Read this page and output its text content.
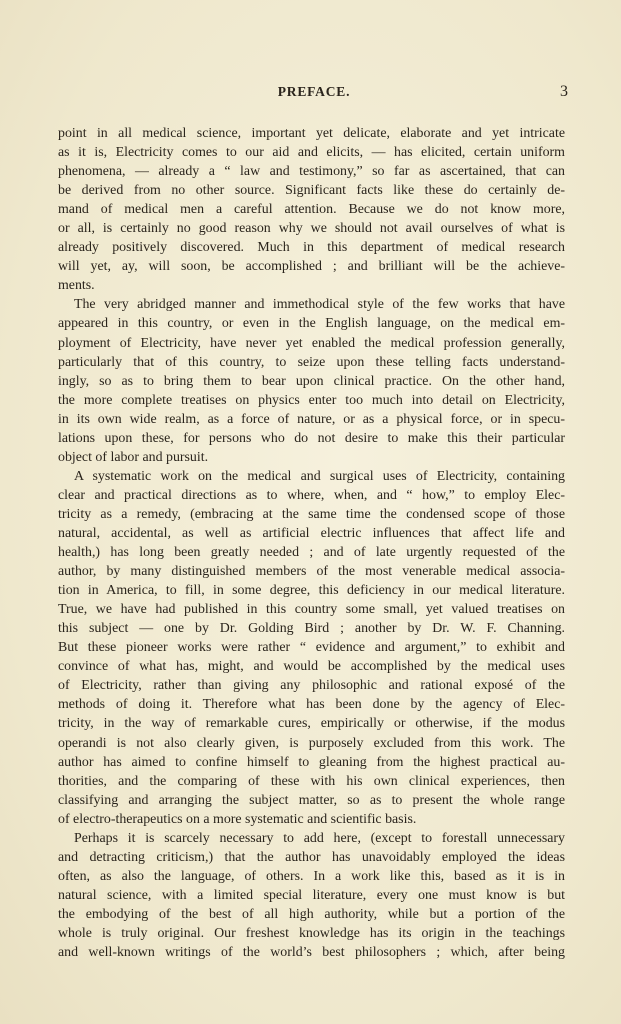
PREFACE.	3
point in all medical science, important yet delicate, elaborate and yet intricate
as it is, Electricity comes to our aid and elicits, — has elicited, certain uniform
phenomena, — already a “ law and testimony,” so far as ascertained, that can
be derived from no other source. Significant facts like these do certainly de-
mand of medical men a careful attention. Because we do not know more,
or all, is certainly no good reason why we should not avail ourselves of what is
already positively discovered. Much in this department of medical research
will yet, ay, will soon, be accomplished ; and brilliant will be the achieve-
ments.
The very abridged manner and immethodical style of the few works that have
appeared in this country, or even in the English language, on the medical em-
ployment of Electricity, have never yet enabled the medical profession generally,
particularly that of this country, to seize upon these telling facts understand-
ingly, so as to bring them to bear upon clinical practice. On the other hand,
the more complete treatises on physics enter too much into detail on Electricity,
in its own wide realm, as a force of nature, or as a physical force, or in specu-
lations upon these, for persons who do not desire to make this their particular
object of labor and pursuit.
A systematic work on the medical and surgical uses of Electricity, containing
clear and practical directions as to where, when, and “ how,” to employ Elec-
tricity as a remedy, (embracing at the same time the condensed scope of those
natural, accidental, as well as artificial electric influences that affect life and
health,) has long been greatly needed ; and of late urgently requested of the
author, by many distinguished members of the most venerable medical associa-
tion in America, to fill, in some degree, this deficiency in our medical literature.
True, we have had published in this country some small, yet valued treatises on
this subject — one by Dr. Golding Bird ; another by Dr. W. F. Channing.
But these pioneer works were rather “ evidence and argument,” to exhibit and
convince of what has, might, and would be accomplished by the medical uses
of Electricity, rather than giving any philosophic and rational exposé of the
methods of doing it. Therefore what has been done by the agency of Elec-
tricity, in the way of remarkable cures, empirically or otherwise, if the modus
operandi is not also clearly given, is purposely excluded from this work. The
author has aimed to confine himself to gleaning from the highest practical au-
thorities, and the comparing of these with his own clinical experiences, then
classifying and arranging the subject matter, so as to present the whole range
of electro-therapeutics on a more systematic and scientific basis.
Perhaps it is scarcely necessary to add here, (except to forestall unnecessary
and detracting criticism,) that the author has unavoidably employed the ideas
often, as also the language, of others. In a work like this, based as it is in
natural science, with a limited special literature, every one must know is but
the embodying of the best of all high authority, while but a portion of the
whole is truly original. Our freshest knowledge has its origin in the teachings
and well-known writings of the world’s best philosophers ; which, after being
